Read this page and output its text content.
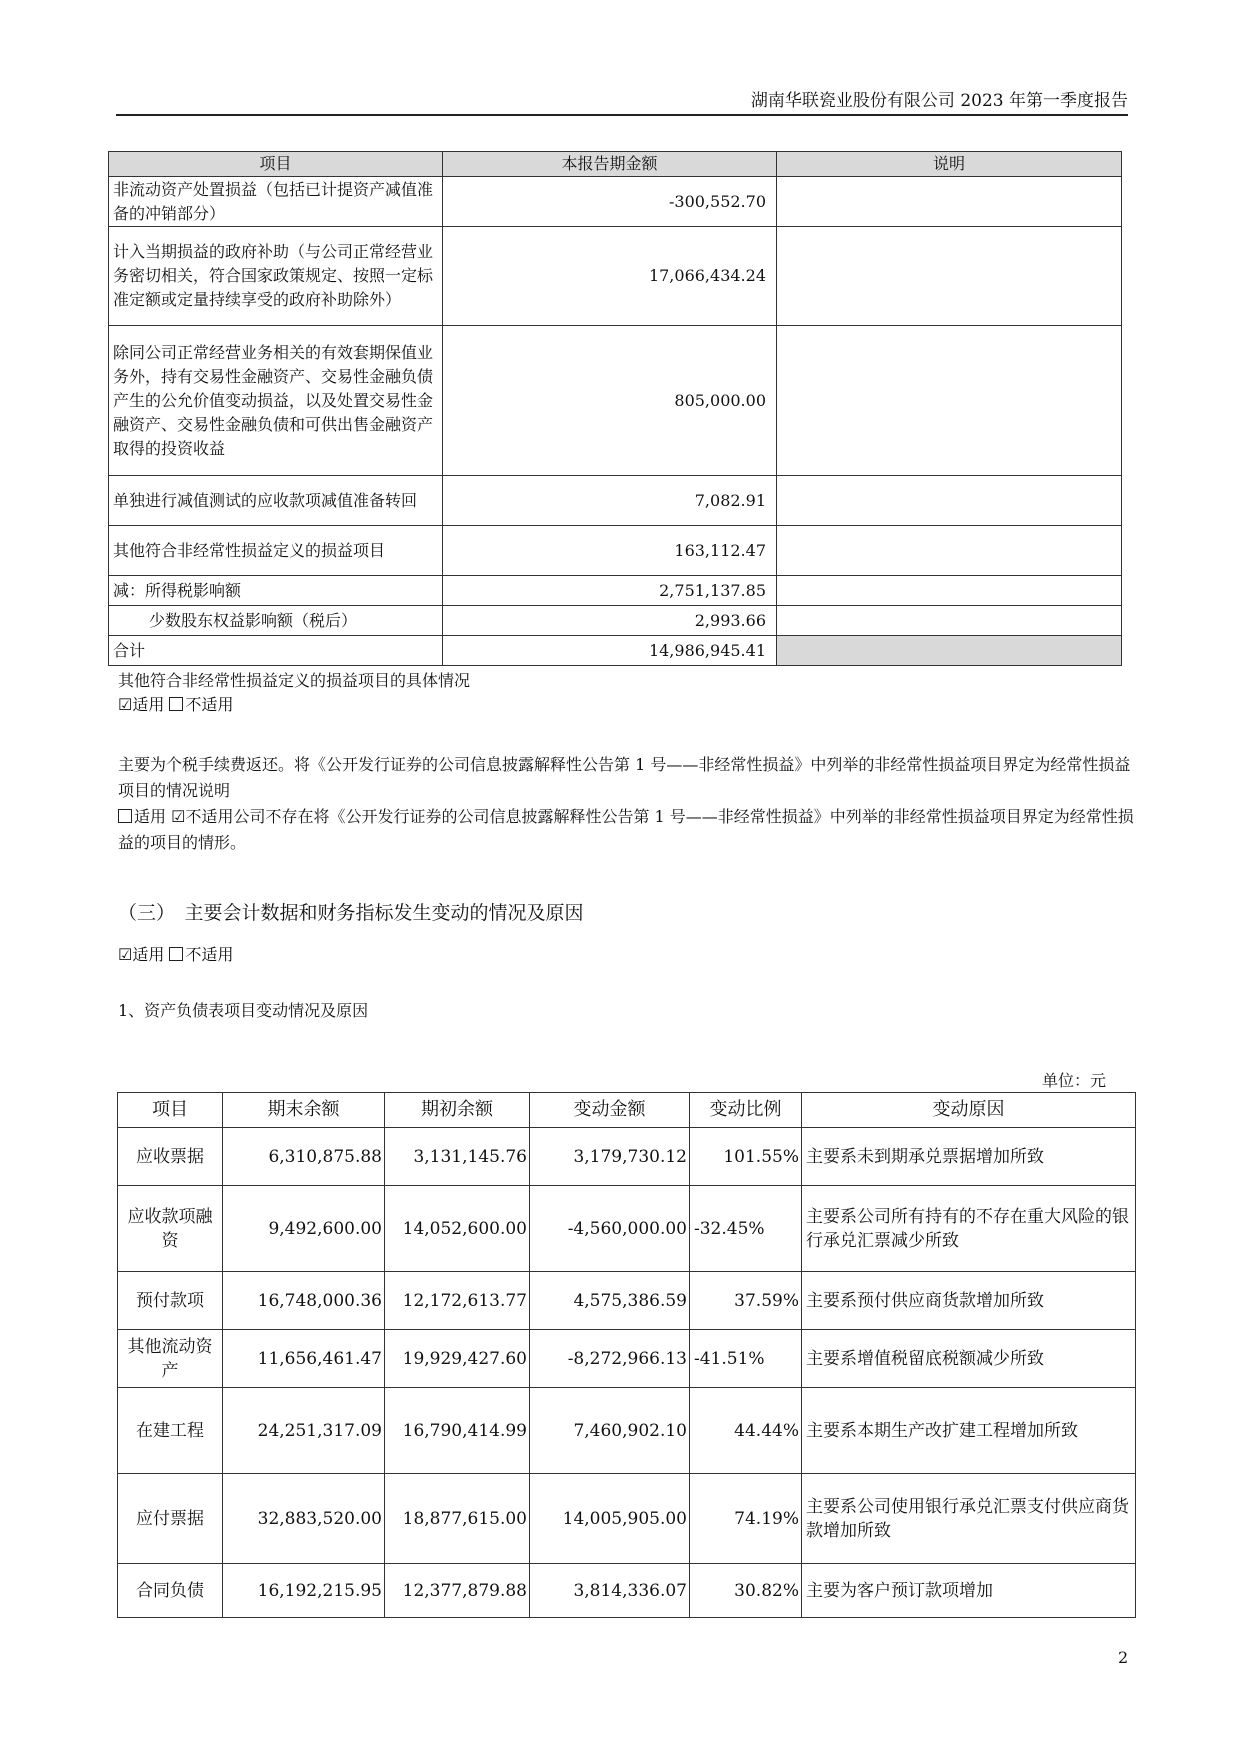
湖南华联瓷业股份有限公司 2023 年第一季度报告
项目	本报告期金额	说明
非流动资产处置损益（包括已计提资产减值准备的冲销部分）	-300,552.70	
计入当期损益的政府补助（与公司正常经营业务密切相关，符合国家政策规定、按照一定标准定额或定量持续享受的政府补助除外）	17,066,434.24	
除同公司正常经营业务相关的有效套期保值业务外，持有交易性金融资产、交易性金融负债产生的公允价值变动损益，以及处置交易性金融资产、交易性金融负债和可供出售金融资产取得的投资收益	805,000.00	
单独进行减值测试的应收款项减值准备转回	7,082.91	
其他符合非经常性损益定义的损益项目	163,112.47	
减：所得税影响额	2,751,137.85	
少数股东权益影响额（税后）	2,993.66	
合计	14,986,945.41	
其他符合非经常性损益定义的损益项目的具体情况
☑适用 不适用
主要为个税手续费返还。将《公开发行证券的公司信息披露解释性公告第 1 号——非经常性损益》中列举的非经常性损益项目界定为经常性损益项目的情况说明
适用 ☑不适用公司不存在将《公开发行证券的公司信息披露解释性公告第 1 号——非经常性损益》中列举的非经常性损益项目界定为经常性损益的项目的情形。
（三）　主要会计数据和财务指标发生变动的情况及原因
☑适用 不适用
1、资产负债表项目变动情况及原因
单位：元
项目	期末余额	期初余额	变动金额	变动比例	变动原因
应收票据	6,310,875.88	3,131,145.76	3,179,730.12	101.55%	主要系未到期承兑票据增加所致
应收款项融资	9,492,600.00	14,052,600.00	-4,560,000.00	-32.45%	主要系公司所有持有的不存在重大风险的银行承兑汇票减少所致
预付款项	16,748,000.36	12,172,613.77	4,575,386.59	37.59%	主要系预付供应商货款增加所致
其他流动资产	11,656,461.47	19,929,427.60	-8,272,966.13	-41.51%	主要系增值税留底税额减少所致
在建工程	24,251,317.09	16,790,414.99	7,460,902.10	44.44%	主要系本期生产改扩建工程增加所致
应付票据	32,883,520.00	18,877,615.00	14,005,905.00	74.19%	主要系公司使用银行承兑汇票支付供应商货款增加所致
合同负债	16,192,215.95	12,377,879.88	3,814,336.07	30.82%	主要为客户预订款项增加
2
